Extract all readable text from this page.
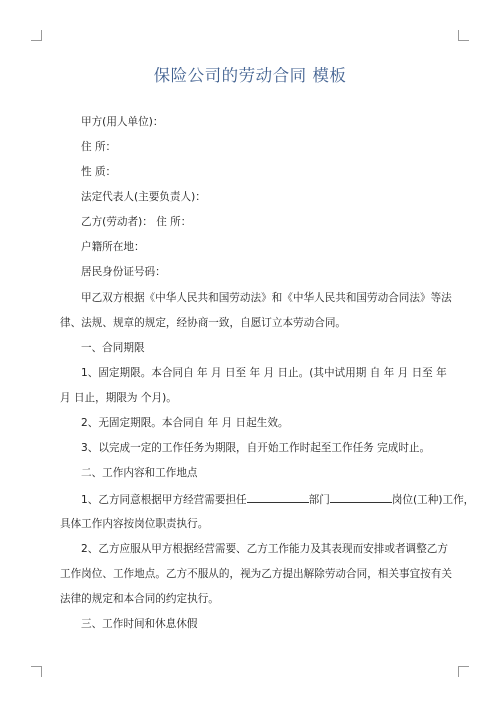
保险公司的劳动合同 模板
甲方(用人单位)：
住 所：
性 质：
法定代表人(主要负责人)：
乙方(劳动者)： 住 所：
户籍所在地：
居民身份证号码：
甲乙双方根据《中华人民共和国劳动法》和《中华人民共和国劳动合同法》等法
律、法规、规章的规定，经协商一致，自愿订立本劳动合同。
一、合同期限
1、固定期限。本合同自 年 月 日至 年 月 日止。(其中试用期 自 年 月 日至 年
月 日止，期限为 个月)。
2、无固定期限。本合同自 年 月 日起生效。
3、以完成一定的工作任务为期限，自开始工作时起至工作任务 完成时止。
二、工作内容和工作地点
1、乙方同意根据甲方经营需要担任	部门	岗位(工种)工作，
具体工作内容按岗位职责执行。
2、乙方应服从甲方根据经营需要、乙方工作能力及其表现而安排或者调整乙方
工作岗位、工作地点。乙方不服从的，视为乙方提出解除劳动合同，相关事宜按有关
法律的规定和本合同的约定执行。
三、工作时间和休息休假
